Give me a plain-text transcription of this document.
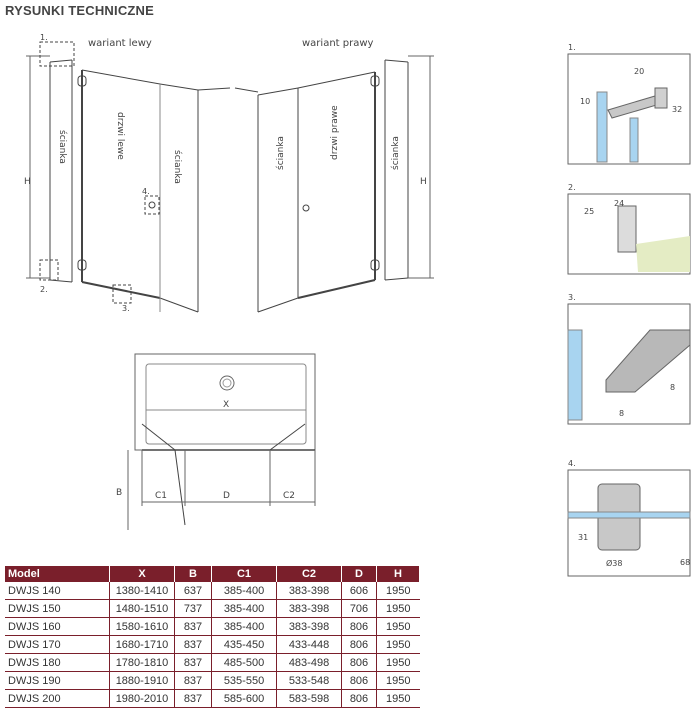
RYSUNKI TECHNICZNE
ścianka	drzwi lewe
ścianka	ścianka	drzwi prawe	ścianka
wariant lewy	wariant prawy
H	H
1.
2.
3.
4.
X
B	C1	D	C2
1.
20
10
32
2.
24
25
3.
8
8
4.
31
68
Ø38
Model	X	B	C1	C2	D	H
DWJS 140	1380-1410	637	385-400	383-398	606	1950
DWJS 150	1480-1510	737	385-400	383-398	706	1950
DWJS 160	1580-1610	837	385-400	383-398	806	1950
DWJS 170	1680-1710	837	435-450	433-448	806	1950
DWJS 180	1780-1810	837	485-500	483-498	806	1950
DWJS 190	1880-1910	837	535-550	533-548	806	1950
DWJS 200	1980-2010	837	585-600	583-598	806	1950
